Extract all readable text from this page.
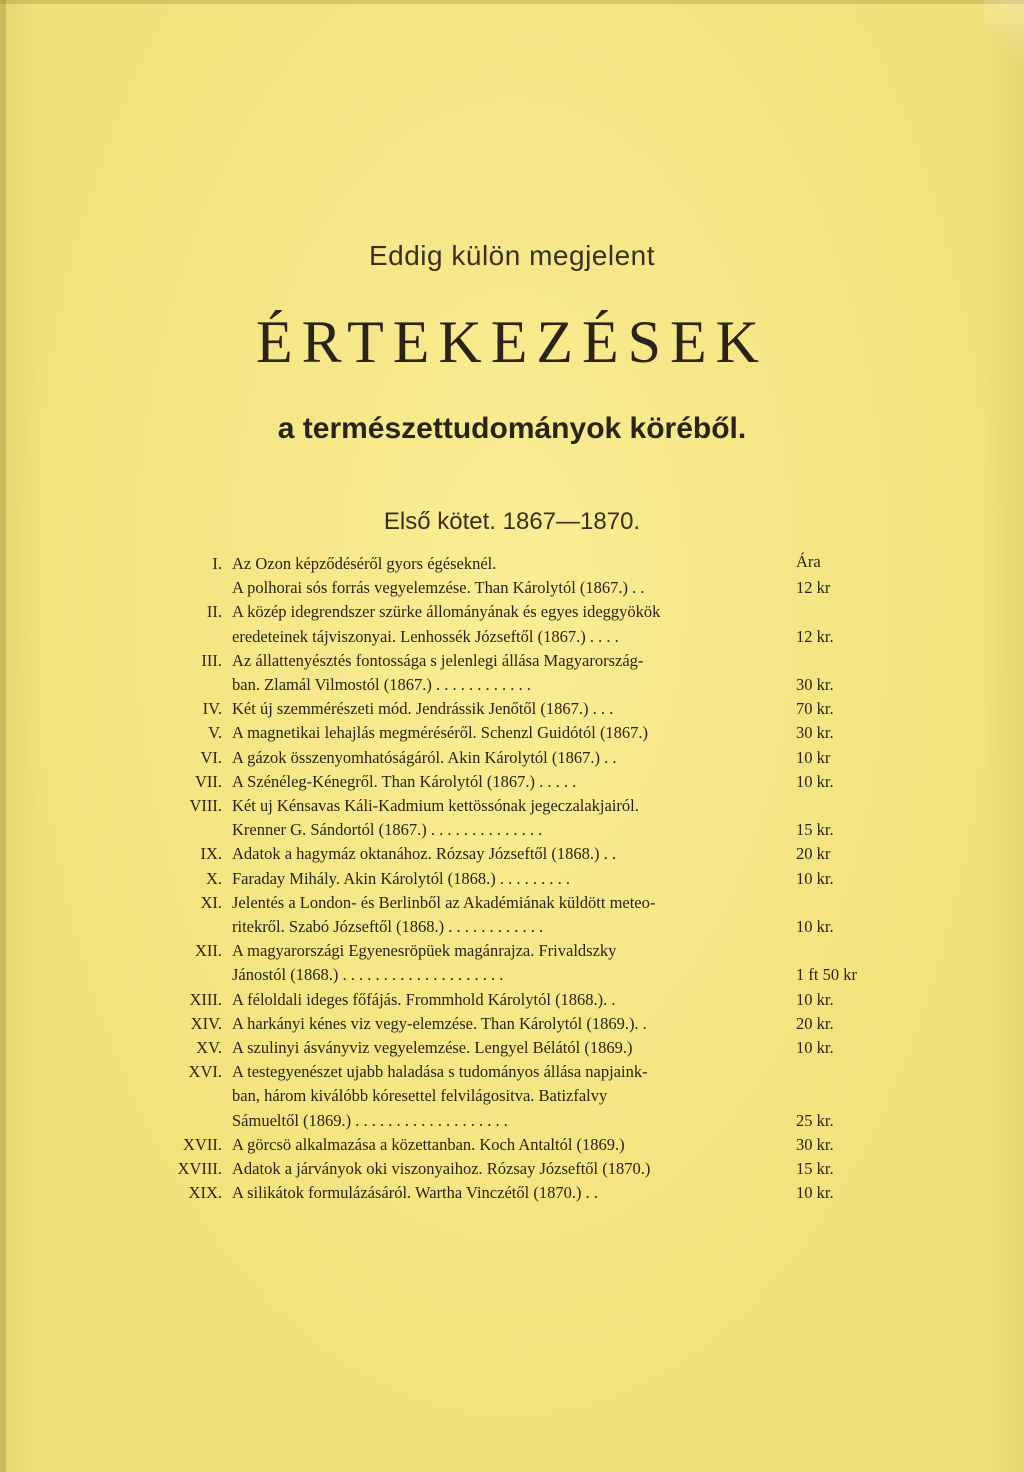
Eddig külön megjelent
ÉRTEKEZÉSEK
a természettudományok köréből.
Első kötet. 1867—1870.
Ára
I. Az Ozon képződéséről gyors égéseknél.
A polhorai sós forrás vegyelemzése. Than Károlytól (1867.) . .	12 kr
II. A közép idegrendszer szürke állományának és egyes ideggyökök
eredeteinek tájviszonyai. Lenhossék Józseftől (1867.) . . . .	12 kr.
III. Az állattenyésztés fontossága s jelenlegi állása Magyarország-
ban. Zlamál Vilmostól (1867.) . . . . . . . . . . . .	30 kr.
IV. Két új szemmérészeti mód. Jendrássik Jenőtől (1867.) . . .	70 kr.
V. A magnetikai lehajlás megméréséről. Schenzl Guidótól (1867.)	30 kr.
VI. A gázok összenyomhatóságáról. Akin Károlytól (1867.) . .	10 kr
VII. A Szénéleg-Kénegről. Than Károlytól (1867.) . . . . .	10 kr.
VIII. Két uj Kénsavas Káli-Kadmium kettössónak jegeczalakjairól.
Krenner G. Sándortól (1867.) . . . . . . . . . . . . . .	15 kr.
IX. Adatok a hagymáz oktanához. Rózsay Józseftől (1868.) . .	20 kr
X. Faraday Mihály. Akin Károlytól (1868.) . . . . . . . . .	10 kr.
XI. Jelentés a London- és Berlinből az Akadémiának küldött meteo-
ritekről. Szabó Józseftől (1868.) . . . . . . . . . . . .	10 kr.
XII. A magyarországi Egyenesröpüek magánrajza. Frivaldszky
Jánostól (1868.) . . . . . . . . . . . . . . . . . . . .	1 ft 50 kr
XIII. A féloldali ideges főfájás. Frommhold Károlytól (1868.). .	10 kr.
XIV. A harkányi kénes viz vegy-elemzése. Than Károlytól (1869.). .	20 kr.
XV. A szulinyi ásványviz vegyelemzése. Lengyel Bélától (1869.)	10 kr.
XVI. A testegyenészet ujabb haladása s tudományos állása napjaink-
ban, három kiválóbb kóresettel felvilágositva. Batizfalvy
Sámueltől (1869.) . . . . . . . . . . . . . . . . . . .	25 kr.
XVII. A görcsö alkalmazása a közettanban. Koch Antaltól (1869.)	30 kr.
XVIII. Adatok a járványok oki viszonyaihoz. Rózsay Józseftől (1870.)	15 kr.
XIX. A silikátok formulázásáról. Wartha Vinczétől (1870.) . .	10 kr.
